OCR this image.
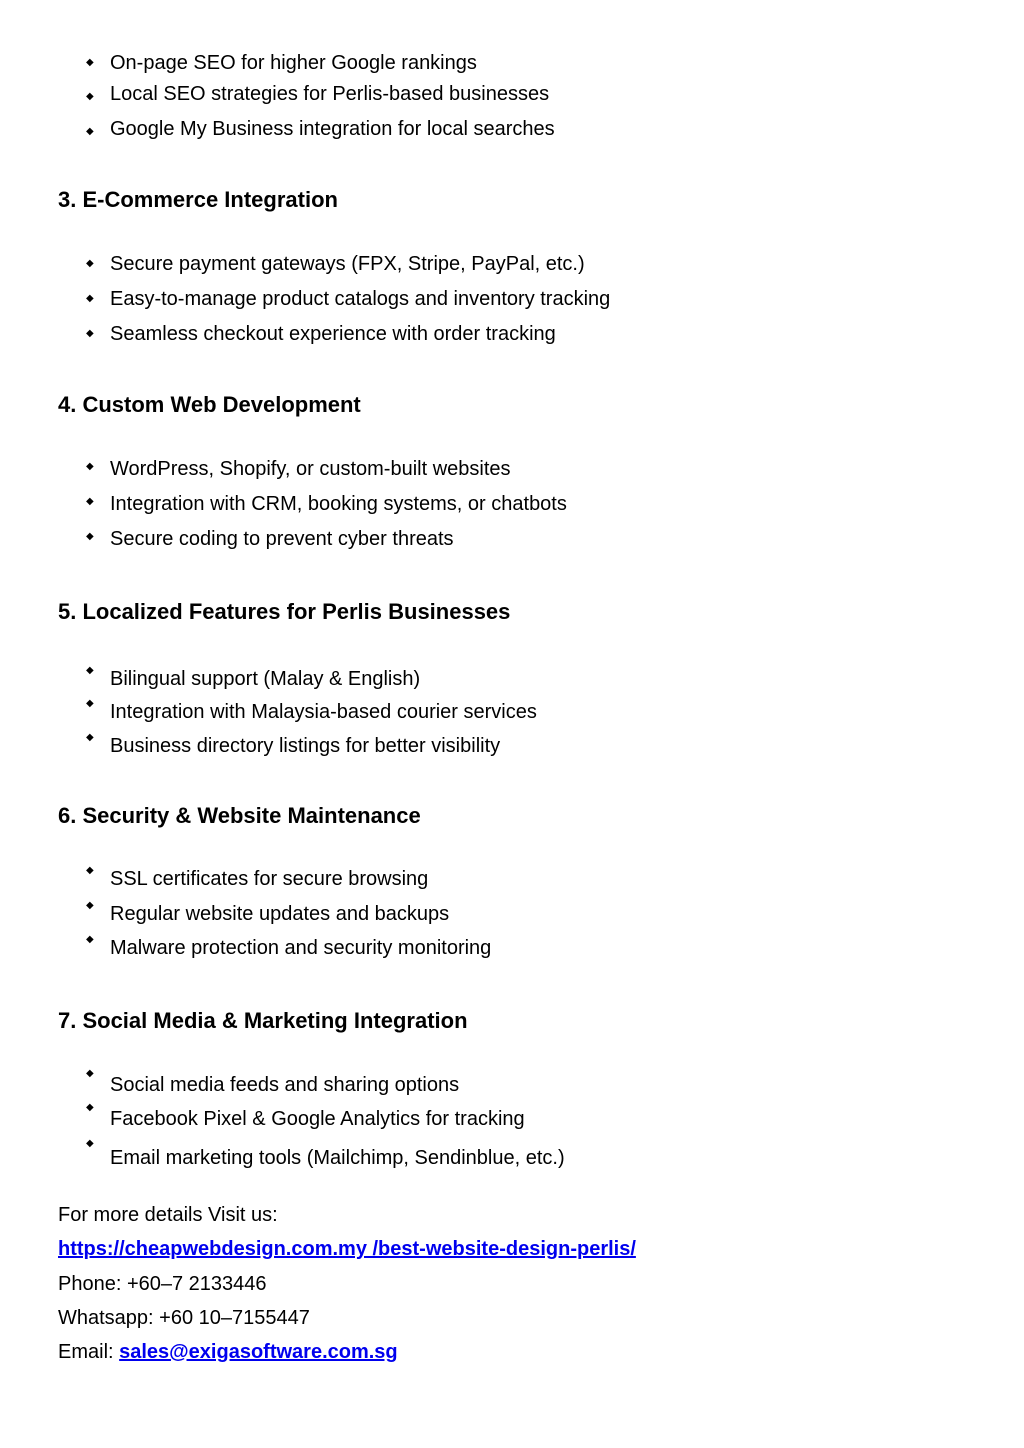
◆ On-page SEO for higher Google rankings
◆ Local SEO strategies for Perlis-based businesses
◆ Google My Business integration for local searches
3. E-Commerce Integration
◆ Secure payment gateways (FPX, Stripe, PayPal, etc.)
◆ Easy-to-manage product catalogs and inventory tracking
◆ Seamless checkout experience with order tracking
4. Custom Web Development
◆ WordPress, Shopify, or custom-built websites
◆ Integration with CRM, booking systems, or chatbots
◆ Secure coding to prevent cyber threats
5. Localized Features for Perlis Businesses
◆ Bilingual support (Malay & English)
◆ Integration with Malaysia-based courier services
◆ Business directory listings for better visibility
6. Security & Website Maintenance
◆ SSL certificates for secure browsing
◆ Regular website updates and backups
◆ Malware protection and security monitoring
7. Social Media & Marketing Integration
◆ Social media feeds and sharing options
◆ Facebook Pixel & Google Analytics for tracking
◆
Email marketing tools (Mailchimp, Sendinblue, etc.)
For more details Visit us:
https://cheapwebdesign.com.my /best-website-design-perlis/
Phone: +60–7 2133446
Whatsapp: +60 10–7155447
Email: sales@exigasoftware.com.sg
